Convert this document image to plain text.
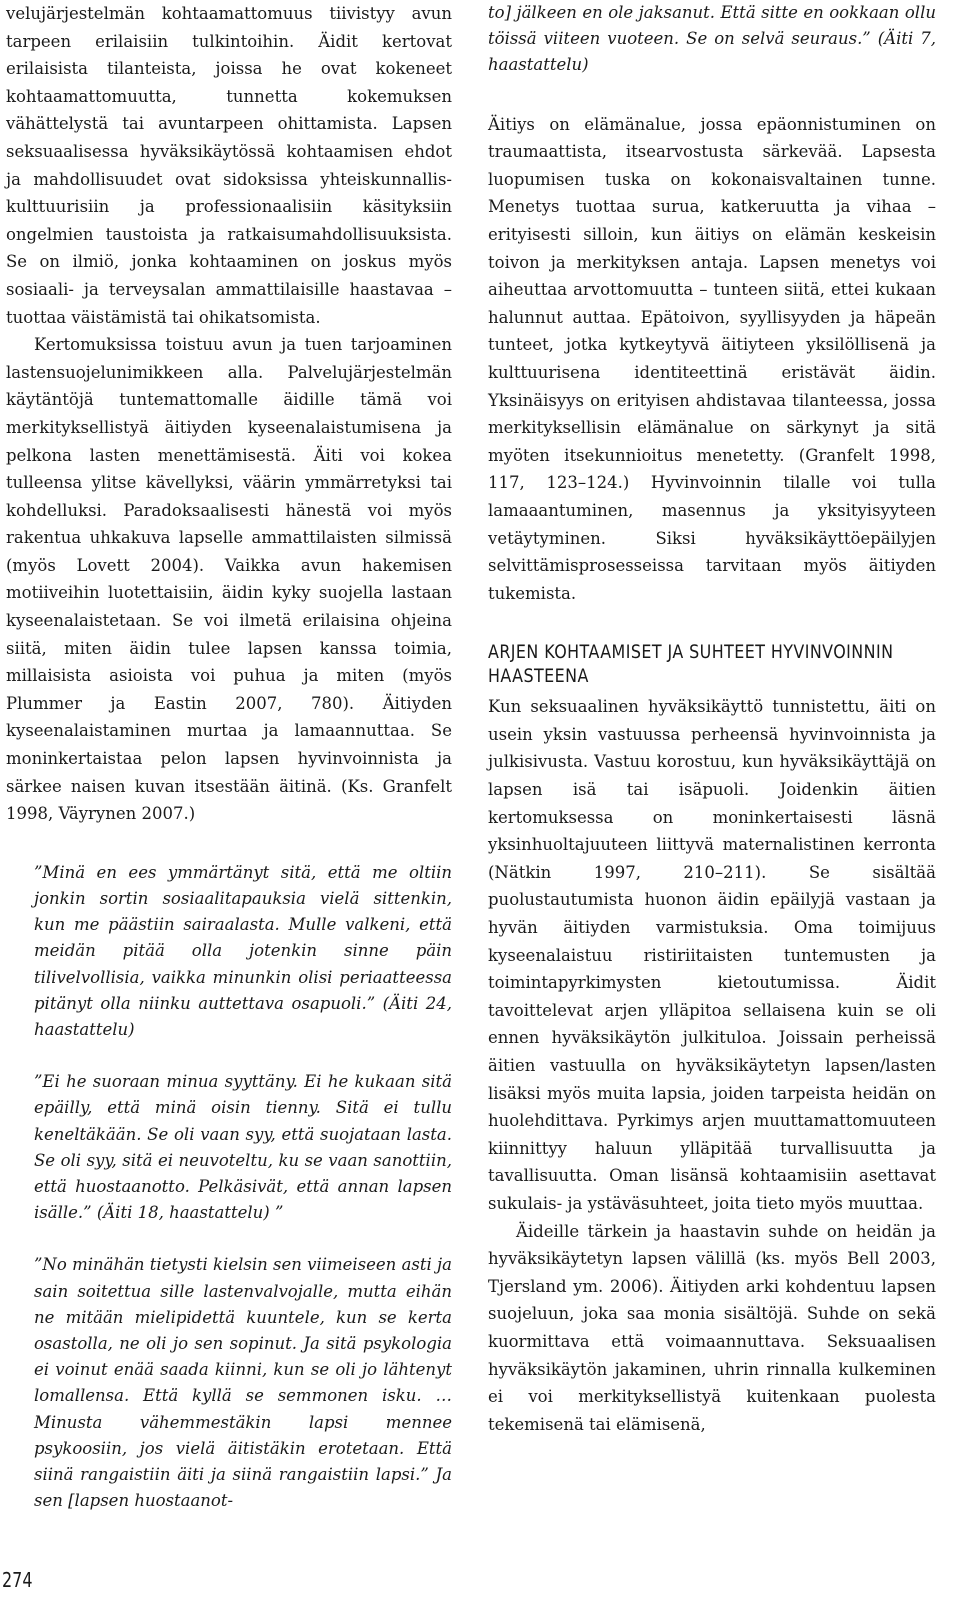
velujärjestelmän kohtaamattomuus tiivistyy avun tarpeen erilaisiin tulkintoihin. Äidit kertovat erilaisista tilanteista, joissa he ovat kokeneet kohtaamattomuutta, tunnetta kokemuksen vähättelystä tai avuntarpeen ohittamista. Lapsen seksuaalisessa hyväksikäytössä kohtaamisen ehdot ja mahdollisuudet ovat sidoksissa yhteiskunnallis-kulttuurisiin ja professionaalisiin käsityksiin ongelmien taustoista ja ratkaisumahdollisuuksista. Se on ilmiö, jonka kohtaaminen on joskus myös sosiaali- ja terveysalan ammattilaisille haastavaa – tuottaa väistämistä tai ohikatsomista.

Kertomuksissa toistuu avun ja tuen tarjoaminen lastensuojelunimikkeen alla. Palvelujärjestelmän käytäntöjä tuntemattomalle äidille tämä voi merkityksellistyä äitiyden kyseenalaistumisena ja pelkona lasten menettämisestä. Äiti voi kokea tulleensa ylitse kävellyksi, väärin ymmärretyksi tai kohdelluksi. Paradoksaalisesti hänestä voi myös rakentua uhkakuva lapselle ammattilaisten silmissä (myös Lovett 2004). Vaikka avun hakemisen motiiveihin luotettaisiin, äidin kyky suojella lastaan kyseenalaistetaan. Se voi ilmetä erilaisina ohjeina siitä, miten äidin tulee lapsen kanssa toimia, millaisista asioista voi puhua ja miten (myös Plummer ja Eastin 2007, 780). Äitiyden kyseenalaistaminen murtaa ja lamaannuttaa. Se moninkertaistaa pelon lapsen hyvinvoinnista ja särkee naisen kuvan itsestään äitinä. (Ks. Granfelt 1998, Väyrynen 2007.)

”Minä en ees ymmärtänyt sitä, että me oltiin jonkin sortin sosiaalitapauksia vielä sittenkin, kun me päästiin sairaalasta. Mulle valkeni, että meidän pitää olla jotenkin sinne päin tilivelvollisia, vaikka minunkin olisi periaatteessa pitänyt olla niinku auttettava osapuoli.” (Äiti 24, haastattelu)

”Ei he suoraan minua syyttäny. Ei he kukaan sitä epäilly, että minä oisin tienny. Sitä ei tullu keneltäkään. Se oli vaan syy, että suojataan lasta. Se oli syy, sitä ei neuvoteltu, ku se vaan sanottiin, että huostaanotto. Pelkäsivät, että annan lapsen isälle.” (Äiti 18, haastattelu) ”

”No minähän tietysti kielsin sen viimeiseen asti ja sain soitettua sille lastenvalvojalle, mutta eihän ne mitään mielipidettä kuuntele, kun se kerta osastolla, ne oli jo sen sopinut. Ja sitä psykologia ei voinut enää saada kiinni, kun se oli jo lähtenyt lomallensa. Että kyllä se semmonen isku. …Minusta vähemmestäkin lapsi mennee psykoosiin, jos vielä äitistäkin erotetaan. Että siinä rangaistiin äiti ja siinä rangaistiin lapsi.” Ja sen [lapsen huostaanot-

to] jälkeen en ole jaksanut. Että sitte en ookkaan ollu töissä viiteen vuoteen. Se on selvä seuraus.” (Äiti 7, haastattelu)

Äitiys on elämänalue, jossa epäonnistuminen on traumaattista, itsearvostusta särkevää. Lapsesta luopumisen tuska on kokonaisvaltainen tunne. Menetys tuottaa surua, katkeruutta ja vihaa – erityisesti silloin, kun äitiys on elämän keskeisin toivon ja merkityksen antaja. Lapsen menetys voi aiheuttaa arvottomuutta – tunteen siitä, ettei kukaan halunnut auttaa. Epätoivon, syyllisyyden ja häpeän tunteet, jotka kytkeytyvä äitiyteen yksilöllisenä ja kulttuurisena identiteettinä eristävät äidin. Yksinäisyys on erityisen ahdistavaa tilanteessa, jossa merkityksellisin elämänalue on särkynyt ja sitä myöten itsekunnioitus menetetty. (Granfelt 1998, 117, 123–124.) Hyvinvoinnin tilalle voi tulla lamaaantuminen, masennus ja yksityisyyteen vetäytyminen. Siksi hyväksikäyttöepäilyjen selvittämisprosesseissa tarvitaan myös äitiyden tukemista.

ARJEN KOHTAAMISET JA SUHTEET HYVINVOINNIN
HAASTEENA

Kun seksuaalinen hyväksikäyttö tunnistettu, äiti on usein yksin vastuussa perheensä hyvinvoinnista ja julkisivusta. Vastuu korostuu, kun hyväksikäyttäjä on lapsen isä tai isäpuoli. Joidenkin äitien kertomuksessa on moninkertaisesti läsnä yksinhuoltajuuteen liittyvä maternalistinen kerronta (Nätkin 1997, 210–211). Se sisältää puolustautumista huonon äidin epäilyjä vastaan ja hyvän äitiyden varmistuksia. Oma toimijuus kyseenalaistuu ristiriitaisten tuntemusten ja toimintapyrkimysten kietoutumissa. Äidit tavoittelevat arjen ylläpitoa sellaisena kuin se oli ennen hyväksikäytön julkituloa. Joissain perheissä äitien vastuulla on hyväksikäytetyn lapsen/lasten lisäksi myös muita lapsia, joiden tarpeista heidän on huolehdittava. Pyrkimys arjen muuttamattomuuteen kiinnittyy haluun ylläpitää turvallisuutta ja tavallisuutta. Oman lisänsä kohtaamisiin asettavat sukulais- ja ystäväsuhteet, joita tieto myös muuttaa.

Äideille tärkein ja haastavin suhde on heidän ja hyväksikäytetyn lapsen välillä (ks. myös Bell 2003, Tjersland ym. 2006). Äitiyden arki kohdentuu lapsen suojeluun, joka saa monia sisältöjä. Suhde on sekä kuormittava että voimaannuttava. Seksuaalisen hyväksikäytön jakaminen, uhrin rinnalla kulkeminen ei voi merkityksellistyä kuitenkaan puolesta tekemisenä tai elämisenä,

274
